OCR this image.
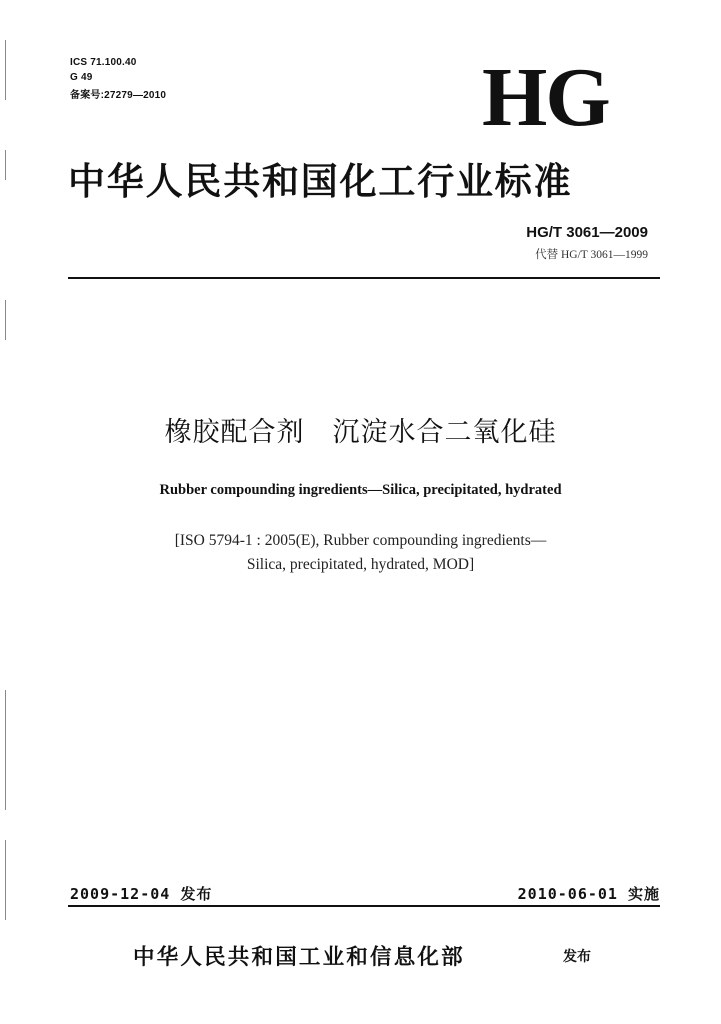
ICS 71.100.40
G 49
备案号:27279—2010	HG
中华人民共和国化工行业标准
HG/T 3061—2009
代替 HG/T 3061—1999
橡胶配合剂　沉淀水合二氧化硅
Rubber compounding ingredients—Silica, precipitated, hydrated
[ISO 5794-1 : 2005(E), Rubber compounding ingredients—
Silica, precipitated, hydrated, MOD]
2009-12-04 发布	2010-06-01 实施
中华人民共和国工业和信息化部	发布
